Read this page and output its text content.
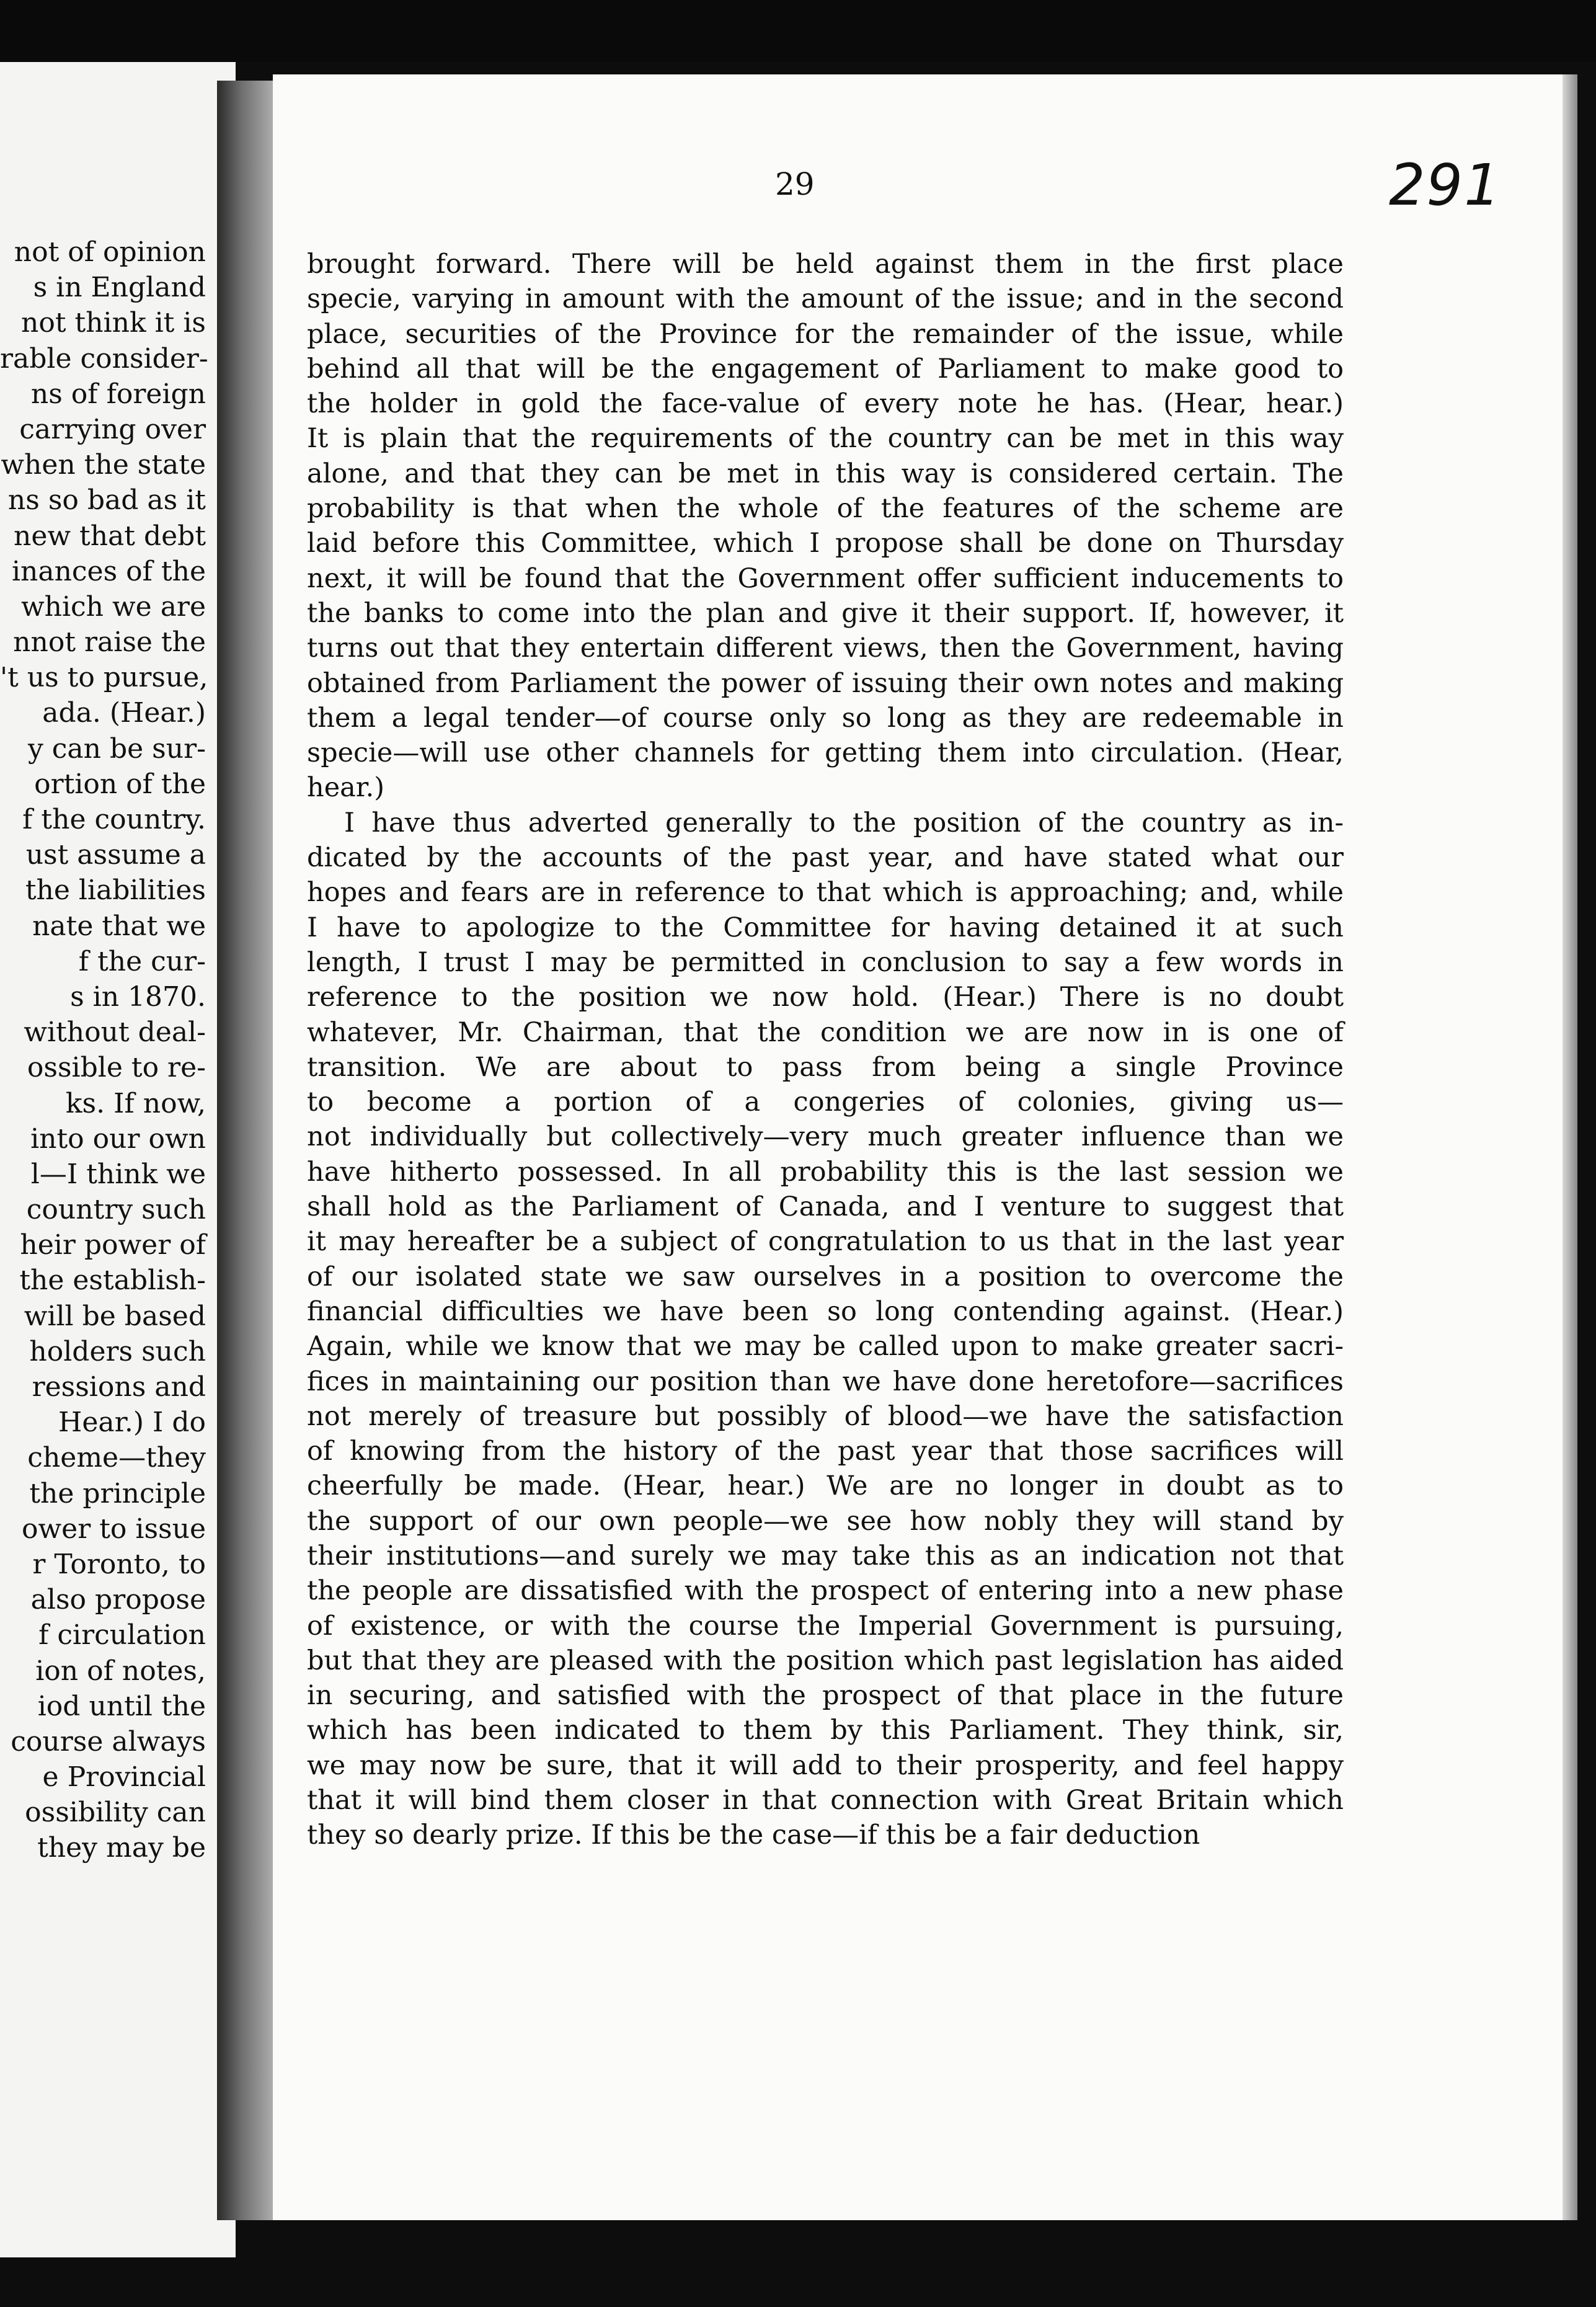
not of opinion
s in England
not think it is
rable consider-
ns of foreign
carrying over
when the state
ns so bad as it
new that debt
inances of the
which we are
nnot raise the
't us to pursue,
ada. (Hear.)
y can be sur-
ortion of the
f the country.
ust assume a
the liabilities
nate that we
f the cur-
s in 1870.
without deal-
ossible to re-
ks. If now,
into our own
l—I think we
country such
heir power of
the establish-
will be based
holders such
ressions and
Hear.) I do
cheme—they
the principle
ower to issue
r Toronto, to
also propose
f circulation
ion of notes,
iod until the
course always
e Provincial
ossibility can
they may be
29	291
brought forward. There will be held against them in the first place
specie, varying in amount with the amount of the issue; and in the second
place, securities of the Province for the remainder of the issue, while
behind all that will be the engagement of Parliament to make good to
the holder in gold the face-value of every note he has. (Hear, hear.)
It is plain that the requirements of the country can be met in this way
alone, and that they can be met in this way is considered certain. The
probability is that when the whole of the features of the scheme are
laid before this Committee, which I propose shall be done on Thursday
next, it will be found that the Government offer sufficient inducements to
the banks to come into the plan and give it their support. If, however, it
turns out that they entertain different views, then the Government, having
obtained from Parliament the power of issuing their own notes and making
them a legal tender—of course only so long as they are redeemable in
specie—will use other channels for getting them into circulation. (Hear,
hear.)
I have thus adverted generally to the position of the country as in-
dicated by the accounts of the past year, and have stated what our
hopes and fears are in reference to that which is approaching; and, while
I have to apologize to the Committee for having detained it at such
length, I trust I may be permitted in conclusion to say a few words in
reference to the position we now hold. (Hear.) There is no doubt
whatever, Mr. Chairman, that the condition we are now in is one of
transition. We are about to pass from being a single Province
to become a portion of a congeries of colonies, giving us—
not individually but collectively—very much greater influence than we
have hitherto possessed. In all probability this is the last session we
shall hold as the Parliament of Canada, and I venture to suggest that
it may hereafter be a subject of congratulation to us that in the last year
of our isolated state we saw ourselves in a position to overcome the
financial difficulties we have been so long contending against. (Hear.)
Again, while we know that we may be called upon to make greater sacri-
fices in maintaining our position than we have done heretofore—sacrifices
not merely of treasure but possibly of blood—we have the satisfaction
of knowing from the history of the past year that those sacrifices will
cheerfully be made. (Hear, hear.) We are no longer in doubt as to
the support of our own people—we see how nobly they will stand by
their institutions—and surely we may take this as an indication not that
the people are dissatisfied with the prospect of entering into a new phase
of existence, or with the course the Imperial Government is pursuing,
but that they are pleased with the position which past legislation has aided
in securing, and satisfied with the prospect of that place in the future
which has been indicated to them by this Parliament. They think, sir,
we may now be sure, that it will add to their prosperity, and feel happy
that it will bind them closer in that connection with Great Britain which
they so dearly prize. If this be the case—if this be a fair deduction
